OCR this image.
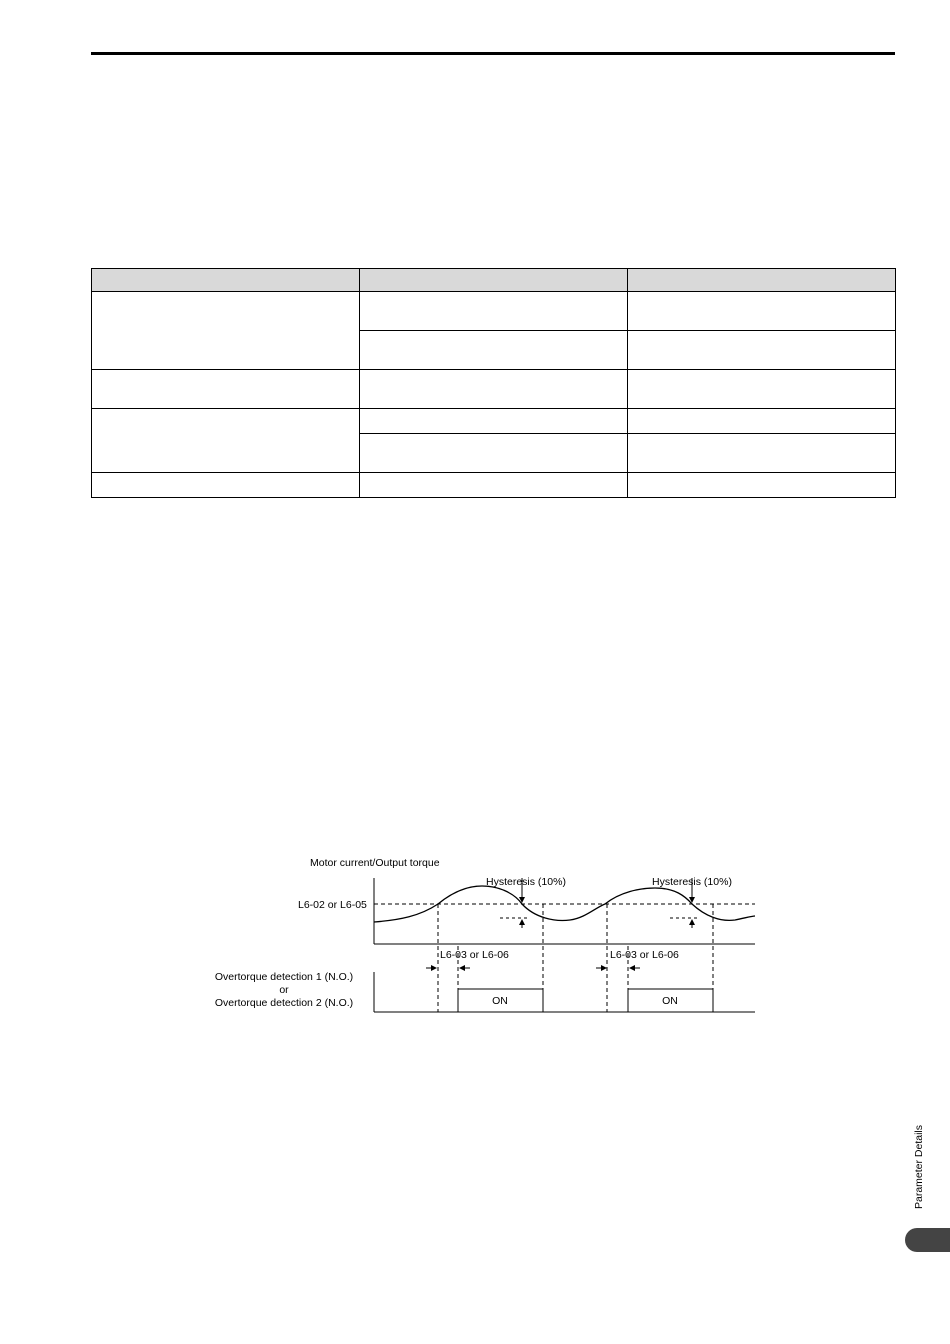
Motor current/Output torque
L6-02 or L6-05
Hysteresis (10%)	Hysteresis (10%)
L6-03 or L6-06	L6-03 or L6-06
Overtorque detection 1 (N.O.)
or
Overtorque detection 2 (N.O.)	ON	ON
Parameter Details
